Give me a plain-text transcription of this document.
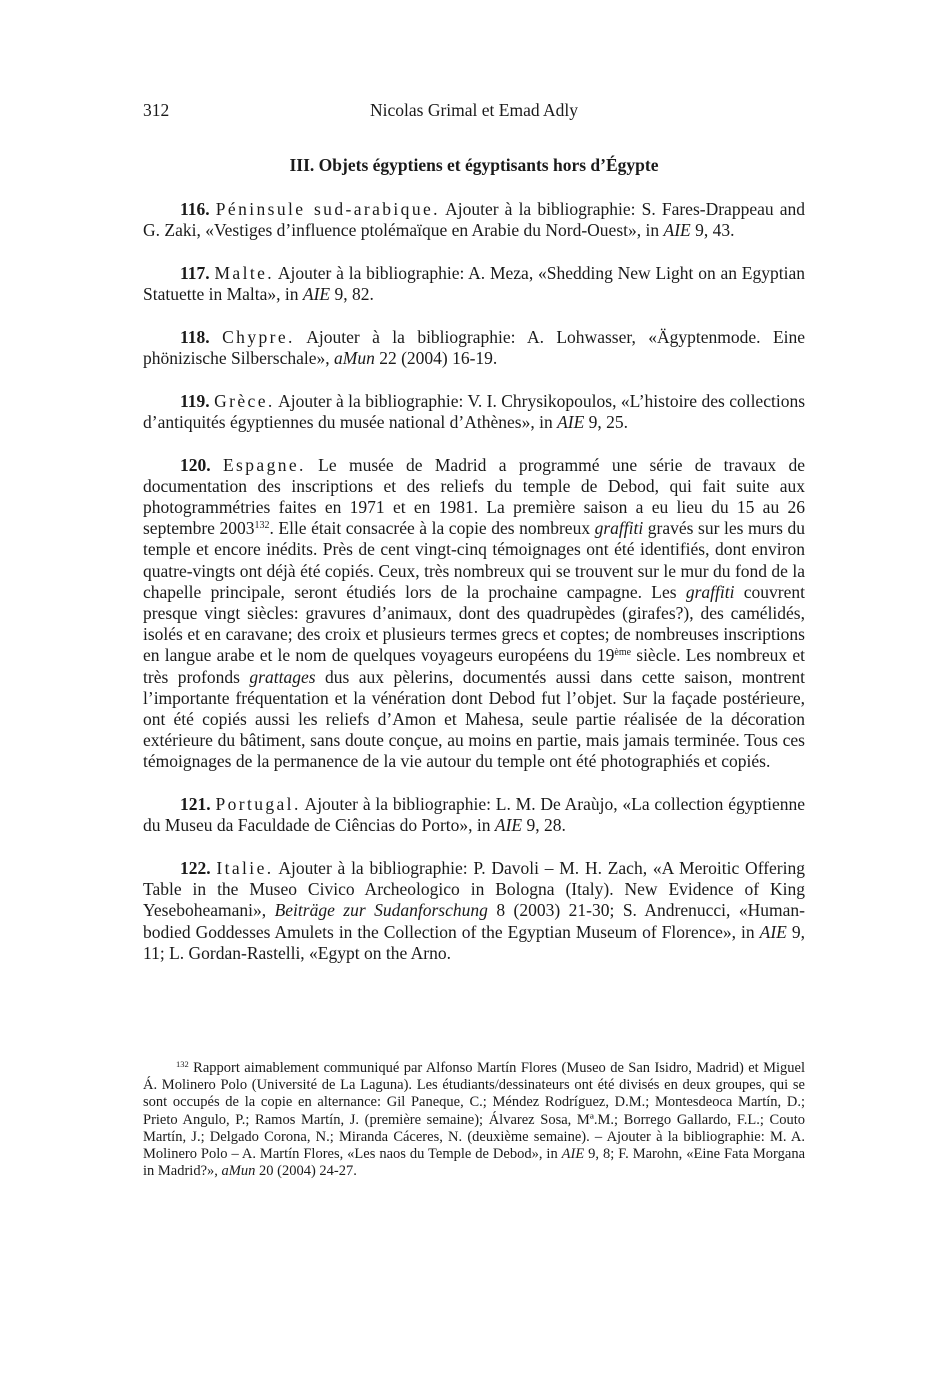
312	Nicolas Grimal et Emad Adly
III. Objets égyptiens et égyptisants hors d’Égypte

116. Péninsule sud-arabique. Ajouter à la bibliographie: S. Fares-Drappeau and G. Zaki, «Vestiges d’influence ptolémaïque en Arabie du Nord-Ouest», in AIE 9, 43.

117. Malte. Ajouter à la bibliographie: A. Meza, «Shedding New Light on an Egyptian Statuette in Malta», in AIE 9, 82.

118. Chypre. Ajouter à la bibliographie: A. Lohwasser, «Ägyptenmode. Eine phönizische Silberschale», aMun 22 (2004) 16-19.

119. Grèce. Ajouter à la bibliographie: V. I. Chrysikopoulos, «L’histoire des collections d’antiquités égyptiennes du musée national d’Athènes», in AIE 9, 25.

120. Espagne. Le musée de Madrid a programmé une série de travaux de documentation des inscriptions et des reliefs du temple de Debod, qui fait suite aux photogrammétries faites en 1971 et en 1981. La première saison a eu lieu du 15 au 26 septembre 2003$^{132}$. Elle était consacrée à la copie des nombreux graffiti gravés sur les murs du temple et encore inédits. Près de cent vingt-cinq témoignages ont été identifiés, dont environ quatre-vingts ont déjà été copiés. Ceux, très nombreux qui se trouvent sur le mur du fond de la chapelle principale, seront étudiés lors de la prochaine campagne. Les graffiti couvrent presque vingt siècles: gravures d’animaux, dont des quadrupèdes (girafes?), des camélidés, isolés et en caravane; des croix et plusieurs termes grecs et coptes; de nombreuses inscriptions en langue arabe et le nom de quelques voyageurs européens du 19ème siècle. Les nombreux et très profonds grattages dus aux pèlerins, documentés aussi dans cette saison, montrent l’importante fréquentation et la vénération dont Debod fut l’objet. Sur la façade postérieure, ont été copiés aussi les reliefs d’Amon et Mahesa, seule partie réalisée de la décoration extérieure du bâtiment, sans doute conçue, au moins en partie, mais jamais terminée. Tous ces témoignages de la permanence de la vie autour du temple ont été photographiés et copiés.

121. Portugal. Ajouter à la bibliographie: L. M. De Araùjo, «La collection égyptienne du Museu da Faculdade de Ciências do Porto», in AIE 9, 28.

122. Italie. Ajouter à la bibliographie: P. Davoli – M. H. Zach, «A Meroitic Offering Table in the Museo Civico Archeologico in Bologna (Italy). New Evidence of King Yeseboheamani», Beiträge zur Sudanforschung 8 (2003) 21-30; S. Andrenucci, «Human-bodied Goddesses Amulets in the Collection of the Egyptian Museum of Florence», in AIE 9, 11; L. Gordan-Rastelli, «Egypt on the Arno.

$^{132}$ Rapport aimablement communiqué par Alfonso Martín Flores (Museo de San Isidro, Madrid) et Miguel Á. Molinero Polo (Université de La Laguna). Les étudiants/dessinateurs ont été divisés en deux groupes, qui se sont occupés de la copie en alternance: Gil Paneque, C.; Méndez Rodríguez, D.M.; Montesdeoca Martín, D.; Prieto Angulo, P.; Ramos Martín, J. (première semaine); Álvarez Sosa, Mª.M.; Borrego Gallardo, F.L.; Couto Martín, J.; Delgado Corona, N.; Miranda Cáceres, N. (deuxième semaine). – Ajouter à la bibliographie: M. A. Molinero Polo – A. Martín Flores, «Les naos du Temple de Debod», in AIE 9, 8; F. Marohn, «Eine Fata Morgana in Madrid?», aMun 20 (2004) 24-27.
